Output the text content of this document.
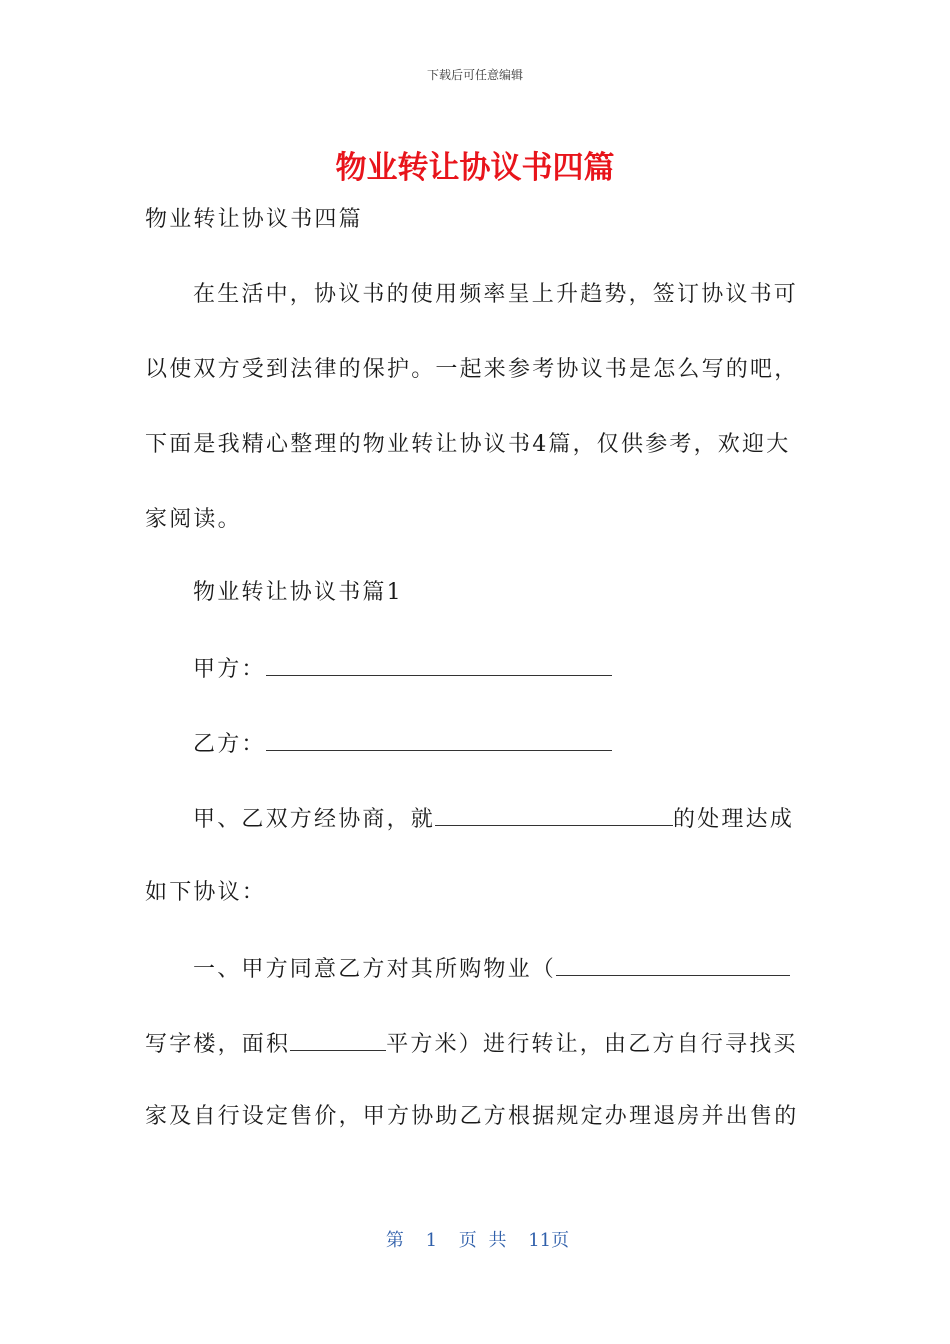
下载后可任意编辑
物业转让协议书四篇
物业转让协议书四篇
在生活中，协议书的使用频率呈上升趋势，签订协议书可
以使双方受到法律的保护。一起来参考协议书是怎么写的吧，
下面是我精心整理的物业转让协议书4篇，仅供参考，欢迎大
家阅读。
物业转让协议书篇1
甲方：
乙方：
甲、乙双方经协商，就	的处理达成
如下协议：
一、甲方同意乙方对其所购物业（
写字楼，面积	平方米）进行转让，由乙方自行寻找买
家及自行设定售价，甲方协助乙方根据规定办理退房并出售的
第 1 页 共 11页
